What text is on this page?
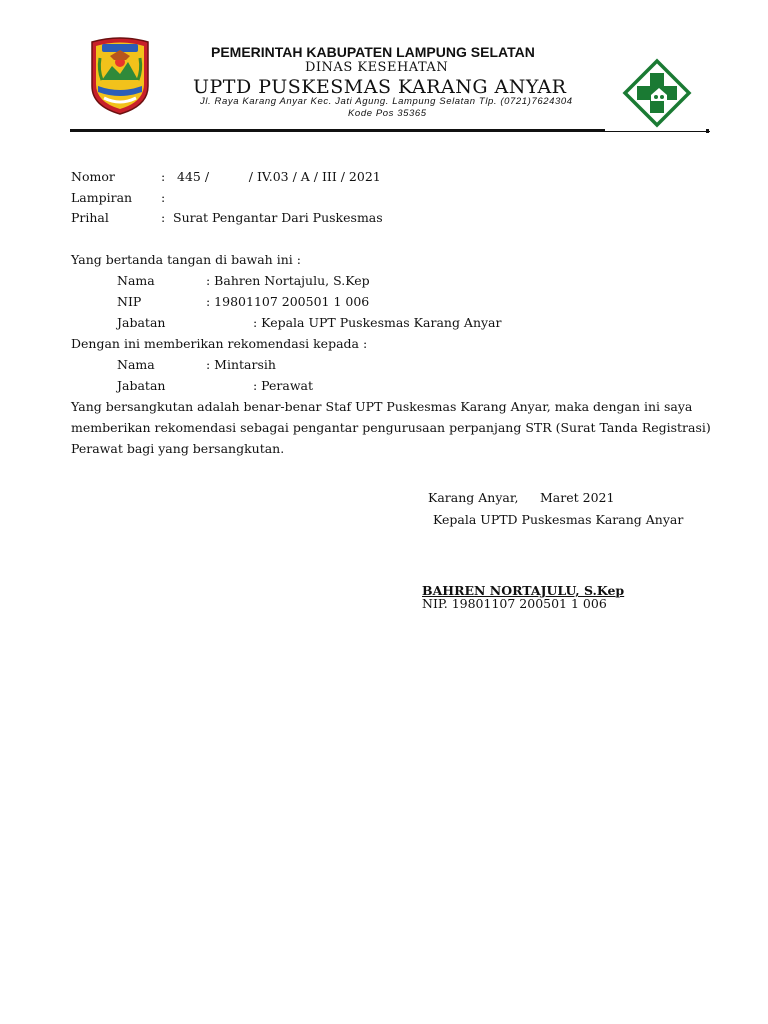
PEMERINTAH KABUPATEN LAMPUNG SELATAN
DINAS KESEHATAN
UPTD PUSKESMAS KARANG ANYAR
Jl. Raya Karang Anyar Kec. Jati Agung. Lampung Selatan Tlp. (0721)7624304
Kode Pos 35365
Nomor	: 445 /          / IV.03 / A / III / 2021
Lampiran :
Prihal	: Surat Pengantar Dari Puskesmas
Yang bertanda tangan di bawah ini :
Nama	: Bahren Nortajulu, S.Kep
NIP	: 19801107 200501 1 006
Jabatan	: Kepala UPT Puskesmas Karang Anyar
Dengan ini memberikan rekomendasi kepada :
Nama	: Mintarsih
Jabatan	: Perawat
Yang bersangkutan adalah benar-benar Staf UPT Puskesmas Karang Anyar, maka dengan ini saya
memberikan rekomendasi sebagai pengantar pengurusaan perpanjang STR (Surat Tanda Registrasi)
Perawat bagi yang bersangkutan.
Karang Anyar, Maret 2021
Kepala UPTD Puskesmas Karang Anyar
BAHREN NORTAJULU, S.Kep
NIP. 19801107 200501 1 006
